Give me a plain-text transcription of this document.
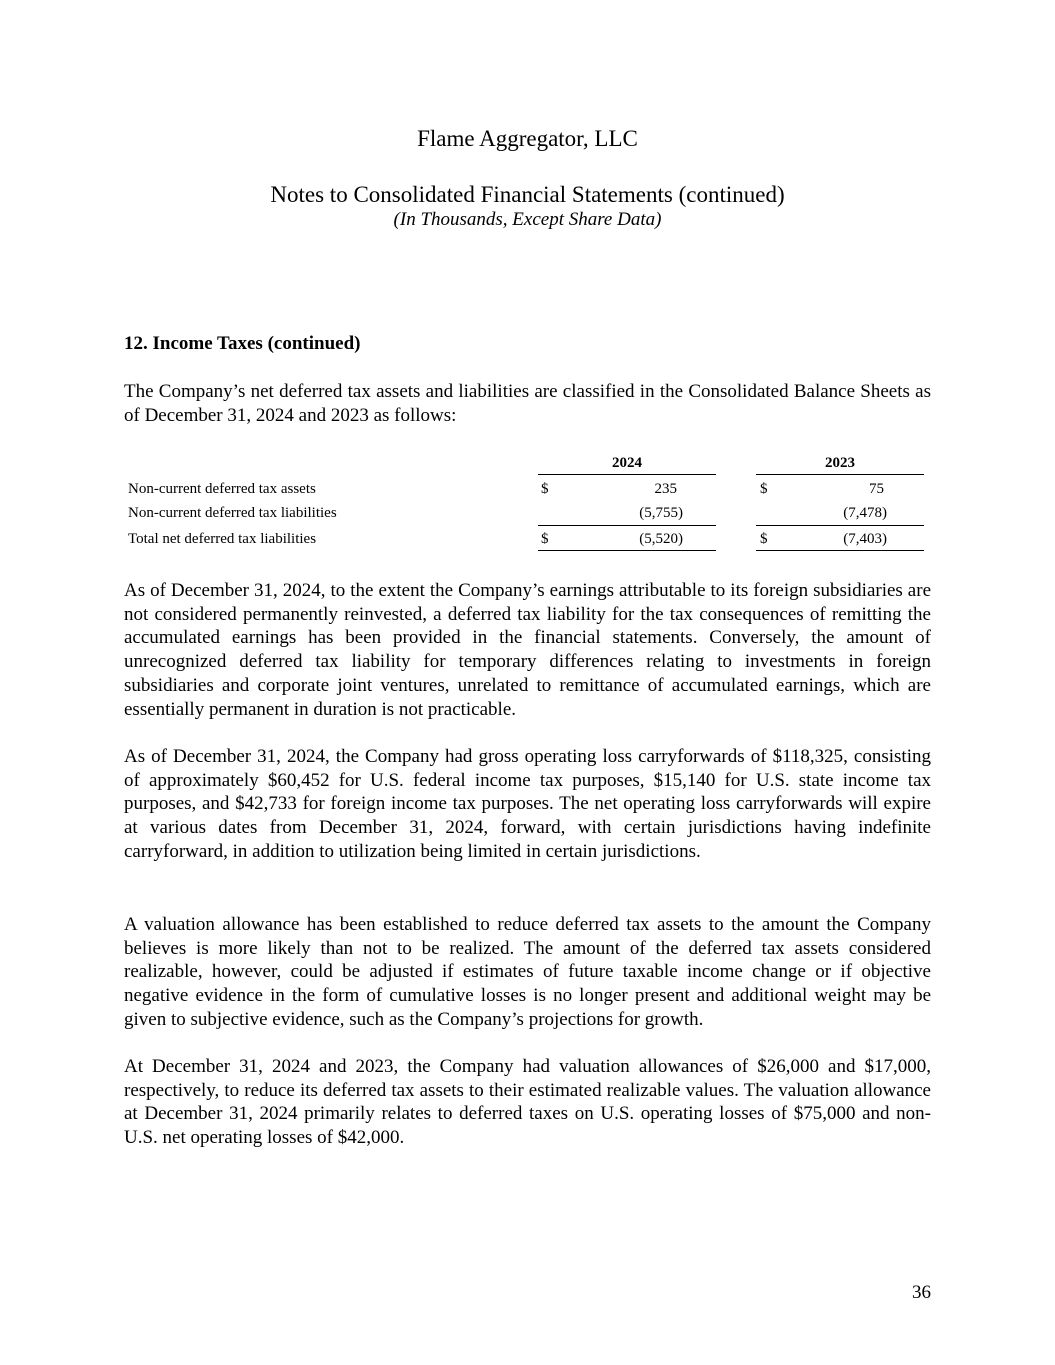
Flame Aggregator, LLC
Notes to Consolidated Financial Statements (continued)
(In Thousands, Except Share Data)
12. Income Taxes (continued)

The Company’s net deferred tax assets and liabilities are classified in the Consolidated Balance Sheets as of December 31, 2024 and 2023 as follows:

2024	2023
Non-current deferred tax assets	$	235	$	75
Non-current deferred tax liabilities	(5,755)	(7,478)
Total net deferred tax liabilities	$	(5,520)	$	(7,403)

As of December 31, 2024, to the extent the Company’s earnings attributable to its foreign subsidiaries are not considered permanently reinvested, a deferred tax liability for the tax consequences of remitting the accumulated earnings has been provided in the financial statements. Conversely, the amount of unrecognized deferred tax liability for temporary differences relating to investments in foreign subsidiaries and corporate joint ventures, unrelated to remittance of accumulated earnings, which are essentially permanent in duration is not practicable.

As of December 31, 2024, the Company had gross operating loss carryforwards of $118,325, consisting of approximately $60,452 for U.S. federal income tax purposes, $15,140 for U.S. state income tax purposes, and $42,733 for foreign income tax purposes. The net operating loss carryforwards will expire at various dates from December 31, 2024, forward, with certain jurisdictions having indefinite carryforward, in addition to utilization being limited in certain jurisdictions.

A valuation allowance has been established to reduce deferred tax assets to the amount the Company believes is more likely than not to be realized. The amount of the deferred tax assets considered realizable, however, could be adjusted if estimates of future taxable income change or if objective negative evidence in the form of cumulative losses is no longer present and additional weight may be given to subjective evidence, such as the Company’s projections for growth.

At December 31, 2024 and 2023, the Company had valuation allowances of $26,000 and $17,000, respectively, to reduce its deferred tax assets to their estimated realizable values. The valuation allowance at December 31, 2024 primarily relates to deferred taxes on U.S. operating losses of $75,000 and non-U.S. net operating losses of $42,000.

36
